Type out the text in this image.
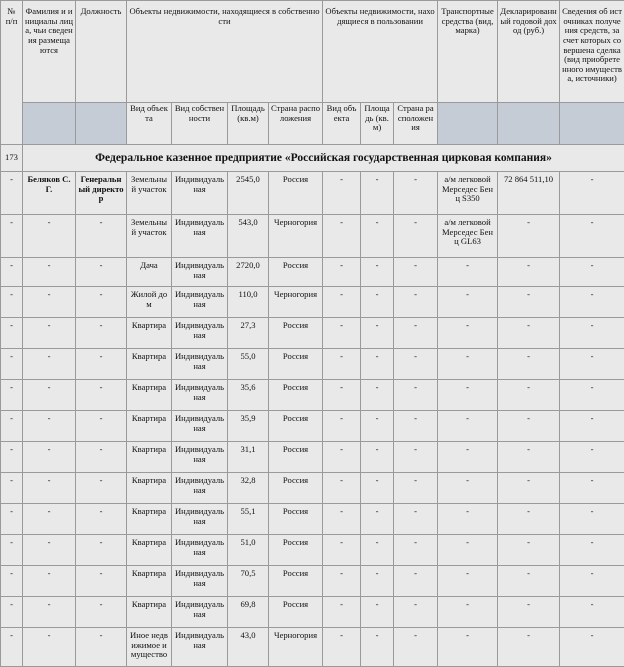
№ п/п	Фамилия и инициалы лица, чьи сведения размещаются	Должность	Объекты недвижимости, находящиеся в собственности				Объекты недвижимости, находящиеся в пользовании			Транспортные средства (вид, марка)	Декларированный годовой доход (руб.)	Сведения об источниках получения средств, за счет которых совершена сделка (вид приобретенного имущества, источники)
			Вид объекта	Вид собственности	Площадь (кв.м)	Страна расположения	Вид объекта	Площадь (кв.м)	Страна расположения			
173	Федеральное казенное предприятие «Российская государственная цирковая компания»											
-	Беляков С.Г.	Генеральный директор	Земельный участок	Индивидуальная	2545,0	Россия	-	-	-	а/м легковой Мерседес Бенц S350	72 864 511,10	-
-	-	-	Земельный участок	Индивидуальная	543,0	Черногория	-	-	-	а/м легковой Мерседес Бенц GL63	-	-
-	-	-	Дача	Индивидуальная	2720,0	Россия	-	-	-	-	-	-
-	-	-	Жилой дом	Индивидуальная	110,0	Черногория	-	-	-	-	-	-
-	-	-	Квартира	Индивидуальная	27,3	Россия	-	-	-	-	-	-
-	-	-	Квартира	Индивидуальная	55,0	Россия	-	-	-	-	-	-
-	-	-	Квартира	Индивидуальная	35,6	Россия	-	-	-	-	-	-
-	-	-	Квартира	Индивидуальная	35,9	Россия	-	-	-	-	-	-
-	-	-	Квартира	Индивидуальная	31,1	Россия	-	-	-	-	-	-
-	-	-	Квартира	Индивидуальная	32,8	Россия	-	-	-	-	-	-
-	-	-	Квартира	Индивидуальная	55,1	Россия	-	-	-	-	-	-
-	-	-	Квартира	Индивидуальная	51,0	Россия	-	-	-	-	-	-
-	-	-	Квартира	Индивидуальная	70,5	Россия	-	-	-	-	-	-
-	-	-	Квартира	Индивидуальная	69,8	Россия	-	-	-	-	-	-
-	-	-	Иное недвижимое имущество	Индивидуальная	43,0	Черногория	-	-	-	-	-	-
